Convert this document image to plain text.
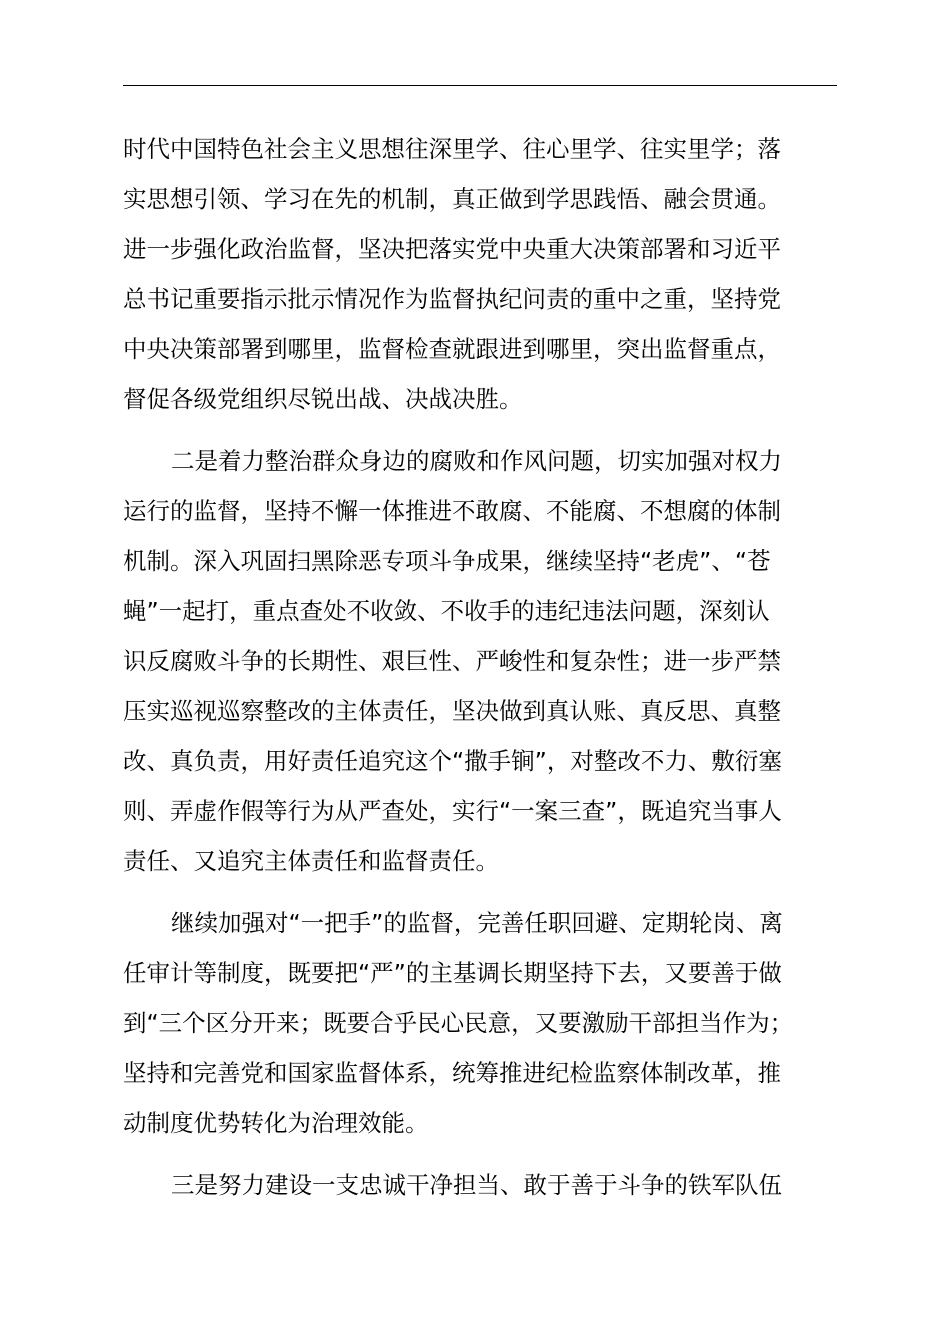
时代中国特色社会主义思想往深里学、往心里学、往实里学；落
实思想引领、学习在先的机制，真正做到学思践悟、融会贯通。
进一步强化政治监督，坚决把落实党中央重大决策部署和习近平
总书记重要指示批示情况作为监督执纪问责的重中之重，坚持党
中央决策部署到哪里，监督检查就跟进到哪里，突出监督重点，
督促各级党组织尽锐出战、决战决胜。
二是着力整治群众身边的腐败和作风问题，切实加强对权力
运行的监督，坚持不懈一体推进不敢腐、不能腐、不想腐的体制
机制。深入巩固扫黑除恶专项斗争成果，继续坚持“老虎”、“苍
蝇”一起打，重点查处不收敛、不收手的违纪违法问题，深刻认
识反腐败斗争的长期性、艰巨性、严峻性和复杂性；进一步严禁
压实巡视巡察整改的主体责任，坚决做到真认账、真反思、真整
改、真负责，用好责任追究这个“撒手锏”，对整改不力、敷衍塞
则、弄虚作假等行为从严查处，实行“一案三查”，既追究当事人
责任、又追究主体责任和监督责任。
继续加强对“一把手”的监督，完善任职回避、定期轮岗、离
任审计等制度，既要把“严”的主基调长期坚持下去，又要善于做
到“三个区分开来；既要合乎民心民意，又要激励干部担当作为；
坚持和完善党和国家监督体系，统筹推进纪检监察体制改革，推
动制度优势转化为治理效能。
三是努力建设一支忠诚干净担当、敢于善于斗争的铁军队伍
